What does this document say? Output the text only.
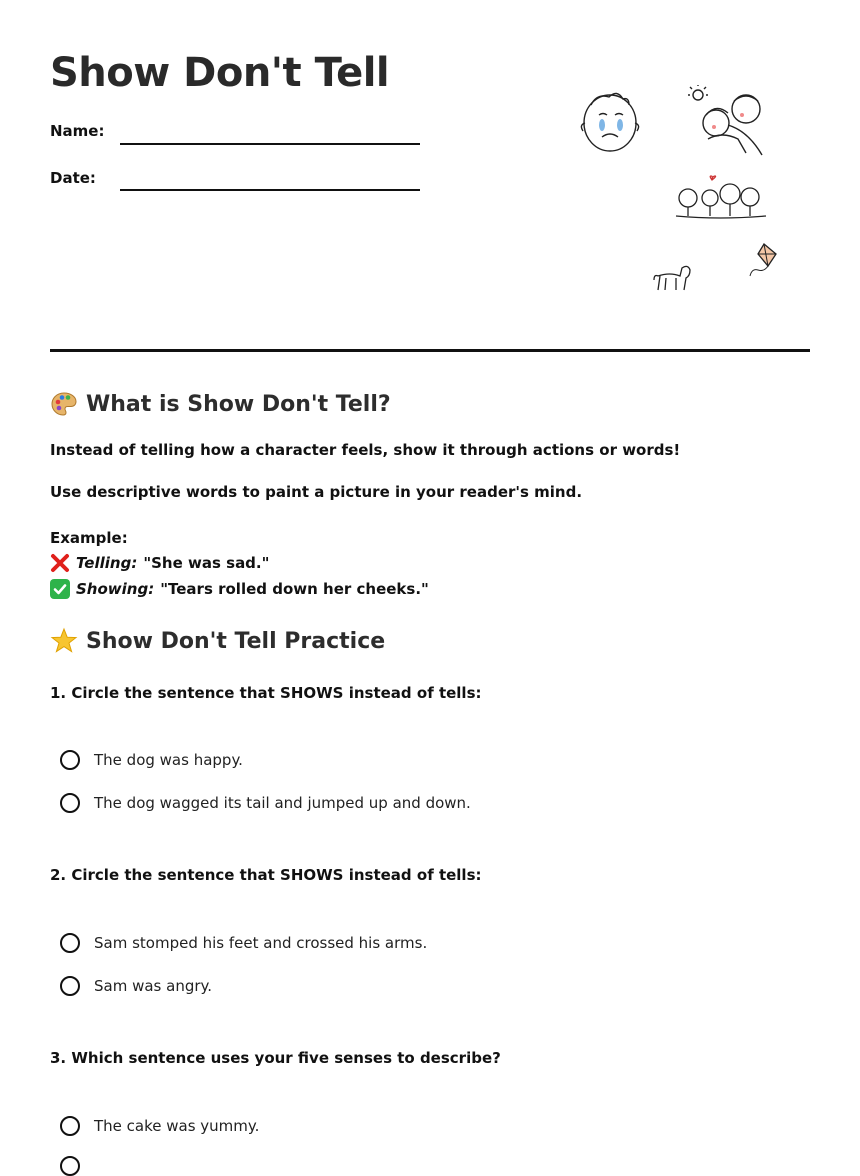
Show Don't Tell
Name:
Date:
What is Show Don't Tell?

Instead of telling how a character feels, show it through actions or words!

Use descriptive words to paint a picture in your reader's mind.

Example:

Telling: "She was sad."
Showing: "Tears rolled down her cheeks."
Show Don't Tell Practice

1. Circle the sentence that SHOWS instead of tells:

The dog was happy.
The dog wagged its tail and jumped up and down.

2. Circle the sentence that SHOWS instead of tells:

Sam stomped his feet and crossed his arms.
Sam was angry.

3. Which sentence uses your five senses to describe?

The cake was yummy.
